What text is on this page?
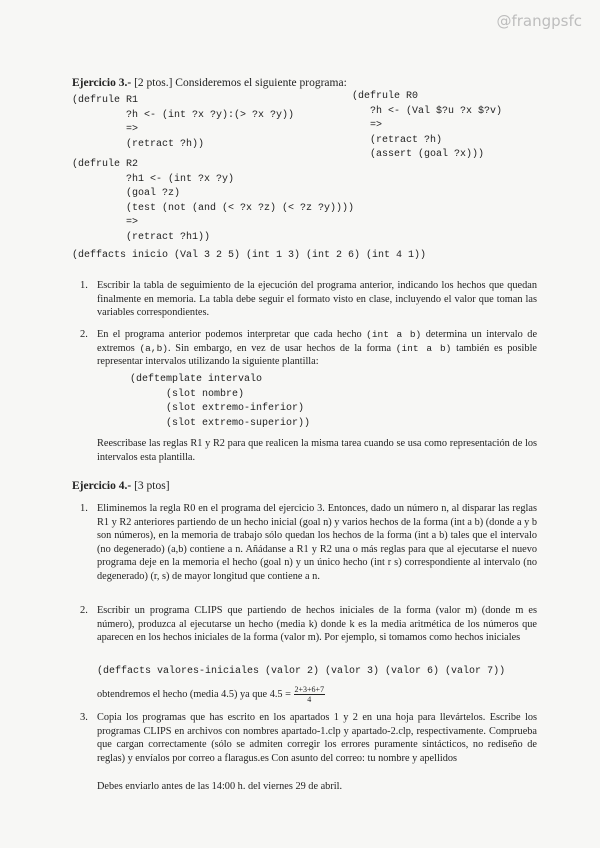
@frangpsfc
Ejercicio 3.- [2 ptos.] Consideremos el siguiente programa:
(defrule R1
?h <- (int ?x ?y):(> ?x ?y))
=>
(retract ?h))
(defrule R0
?h <- (Val $?u ?x $?v)
=>
(retract ?h)
(assert (goal ?x)))
(defrule R2
?h1 <- (int ?x ?y)
(goal ?z)
(test (not (and (< ?x ?z) (< ?z ?y))))
=>
(retract ?h1))
(deffacts inicio (Val 3 2 5) (int 1 3) (int 2 6) (int 4 1))
1. Escribir la tabla de seguimiento de la ejecución del programa anterior, indicando los hechos que quedan finalmente en memoria. La tabla debe seguir el formato visto en clase, incluyendo el valor que toman las variables correspondientes.
2. En el programa anterior podemos interpretar que cada hecho (int a b) determina un intervalo de extremos (a,b). Sin embargo, en vez de usar hechos de la forma (int a b) también es posible representar intervalos utilizando la siguiente plantilla:
(deftemplate intervalo
(slot nombre)
(slot extremo-inferior)
(slot extremo-superior))
Reescribase las reglas R1 y R2 para que realicen la misma tarea cuando se usa como representación de los intervalos esta plantilla.
Ejercicio 4.- [3 ptos]
1. Eliminemos la regla R0 en el programa del ejercicio 3. Entonces, dado un número n, al disparar las reglas R1 y R2 anteriores partiendo de un hecho inicial (goal n) y varios hechos de la forma (int a b) (donde a y b son números), en la memoria de trabajo sólo quedan los hechos de la forma (int a b) tales que el intervalo (no degenerado) (a,b) contiene a n. Añádanse a R1 y R2 una o más reglas para que al ejecutarse el nuevo programa deje en la memoria el hecho (goal n) y un único hecho (int r s) correspondiente al intervalo (no degenerado) (r, s) de mayor longitud que contiene a n.
2. Escribir un programa CLIPS que partiendo de hechos iniciales de la forma (valor m) (donde m es número), produzca al ejecutarse un hecho (media k) donde k es la media aritmética de los números que aparecen en los hechos iniciales de la forma (valor m). Por ejemplo, si tomamos como hechos iniciales
(deffacts valores-iniciales (valor 2) (valor 3) (valor 6) (valor 7))
obtendremos el hecho (media 4.5) ya que $4.5 = \frac{2+3+6+7}{4}$
3. Copia los programas que has escrito en los apartados 1 y 2 en una hoja para llevártelos. Escribe los programas CLIPS en archivos con nombres apartado-1.clp y apartado-2.clp, respectivamente. Comprueba que cargan correctamente (sólo se admiten corregir los errores puramente sintácticos, no rediseño de reglas) y envíalos por correo a flaragus.es Con asunto del correo: tu nombre y apellidos
Debes enviarlo antes de las 14:00 h. del viernes 29 de abril.
